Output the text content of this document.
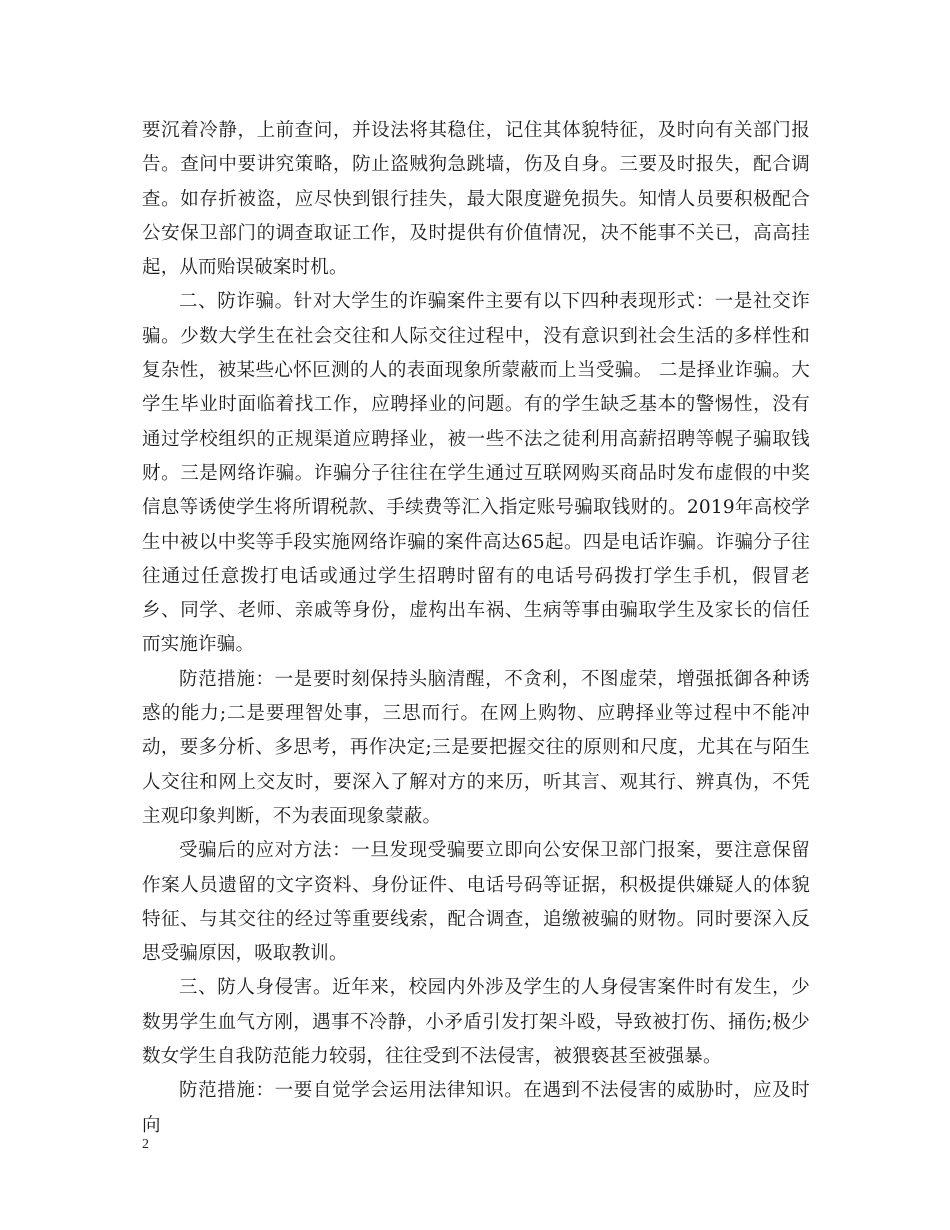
要沉着冷静，上前查问，并设法将其稳住，记住其体貌特征，及时向有关部门报告。查问中要讲究策略，防止盗贼狗急跳墙，伤及自身。三要及时报失，配合调查。如存折被盗，应尽快到银行挂失，最大限度避免损失。知情人员要积极配合公安保卫部门的调查取证工作，及时提供有价值情况，决不能事不关已，高高挂起，从而贻误破案时机。

二、防诈骗。针对大学生的诈骗案件主要有以下四种表现形式：一是社交诈骗。少数大学生在社会交往和人际交往过程中，没有意识到社会生活的多样性和复杂性，被某些心怀叵测的人的表面现象所蒙蔽而上当受骗。 二是择业诈骗。大学生毕业时面临着找工作，应聘择业的问题。有的学生缺乏基本的警惕性，没有通过学校组织的正规渠道应聘择业，被一些不法之徒利用高薪招聘等幌子骗取钱财。三是网络诈骗。诈骗分子往往在学生通过互联网购买商品时发布虚假的中奖信息等诱使学生将所谓税款、手续费等汇入指定账号骗取钱财的。2019年高校学生中被以中奖等手段实施网络诈骗的案件高达65起。四是电话诈骗。诈骗分子往往通过任意拨打电话或通过学生招聘时留有的电话号码拨打学生手机，假冒老乡、同学、老师、亲戚等身份，虚构出车祸、生病等事由骗取学生及家长的信任而实施诈骗。

防范措施：一是要时刻保持头脑清醒，不贪利，不图虚荣，增强抵御各种诱惑的能力;二是要理智处事，三思而行。在网上购物、应聘择业等过程中不能冲动，要多分析、多思考，再作决定;三是要把握交往的原则和尺度，尤其在与陌生人交往和网上交友时，要深入了解对方的来历，听其言、观其行、辨真伪，不凭主观印象判断，不为表面现象蒙蔽。

受骗后的应对方法：一旦发现受骗要立即向公安保卫部门报案，要注意保留作案人员遗留的文字资料、身份证件、电话号码等证据，积极提供嫌疑人的体貌特征、与其交往的经过等重要线索，配合调查，追缴被骗的财物。同时要深入反思受骗原因，吸取教训。

三、防人身侵害。近年来，校园内外涉及学生的人身侵害案件时有发生，少数男学生血气方刚，遇事不冷静，小矛盾引发打架斗殴，导致被打伤、捅伤;极少数女学生自我防范能力较弱，往往受到不法侵害，被猥亵甚至被强暴。

防范措施：一要自觉学会运用法律知识。在遇到不法侵害的威胁时，应及时向

2
